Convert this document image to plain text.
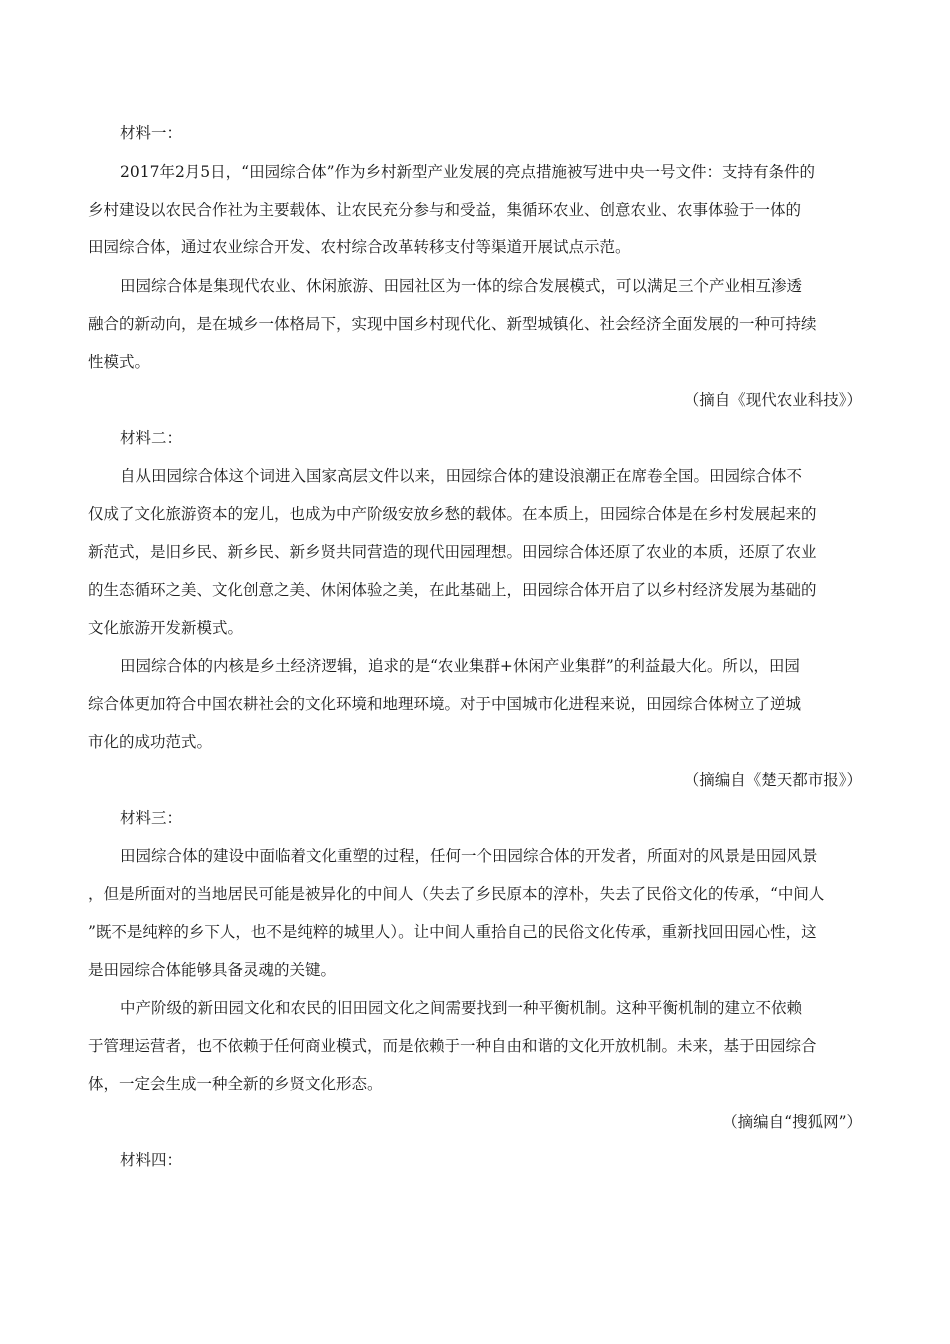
材料一：
2017年2月5日，“田园综合体”作为乡村新型产业发展的亮点措施被写进中央一号文件：支持有条件的
乡村建设以农民合作社为主要载体、让农民充分参与和受益，集循环农业、创意农业、农事体验于一体的
田园综合体，通过农业综合开发、农村综合改革转移支付等渠道开展试点示范。
田园综合体是集现代农业、休闲旅游、田园社区为一体的综合发展模式，可以满足三个产业相互渗透
融合的新动向，是在城乡一体格局下，实现中国乡村现代化、新型城镇化、社会经济全面发展的一种可持续
性模式。
（摘自《现代农业科技》）
材料二：
自从田园综合体这个词进入国家高层文件以来，田园综合体的建设浪潮正在席卷全国。田园综合体不
仅成了文化旅游资本的宠儿，也成为中产阶级安放乡愁的载体。在本质上，田园综合体是在乡村发展起来的
新范式，是旧乡民、新乡民、新乡贤共同营造的现代田园理想。田园综合体还原了农业的本质，还原了农业
的生态循环之美、文化创意之美、休闲体验之美，在此基础上，田园综合体开启了以乡村经济发展为基础的
文化旅游开发新模式。
田园综合体的内核是乡土经济逻辑，追求的是“农业集群+休闲产业集群”的利益最大化。所以，田园
综合体更加符合中国农耕社会的文化环境和地理环境。对于中国城市化进程来说，田园综合体树立了逆城
市化的成功范式。
（摘编自《楚天都市报》）
材料三：
田园综合体的建设中面临着文化重塑的过程，任何一个田园综合体的开发者，所面对的风景是田园风景
，但是所面对的当地居民可能是被异化的中间人（失去了乡民原本的淳朴，失去了民俗文化的传承，“中间人
”既不是纯粹的乡下人，也不是纯粹的城里人）。让中间人重拾自己的民俗文化传承，重新找回田园心性，这
是田园综合体能够具备灵魂的关键。
中产阶级的新田园文化和农民的旧田园文化之间需要找到一种平衡机制。这种平衡机制的建立不依赖
于管理运营者，也不依赖于任何商业模式，而是依赖于一种自由和谐的文化开放机制。未来，基于田园综合
体，一定会生成一种全新的乡贤文化形态。
（摘编自“搜狐网”）
材料四：
